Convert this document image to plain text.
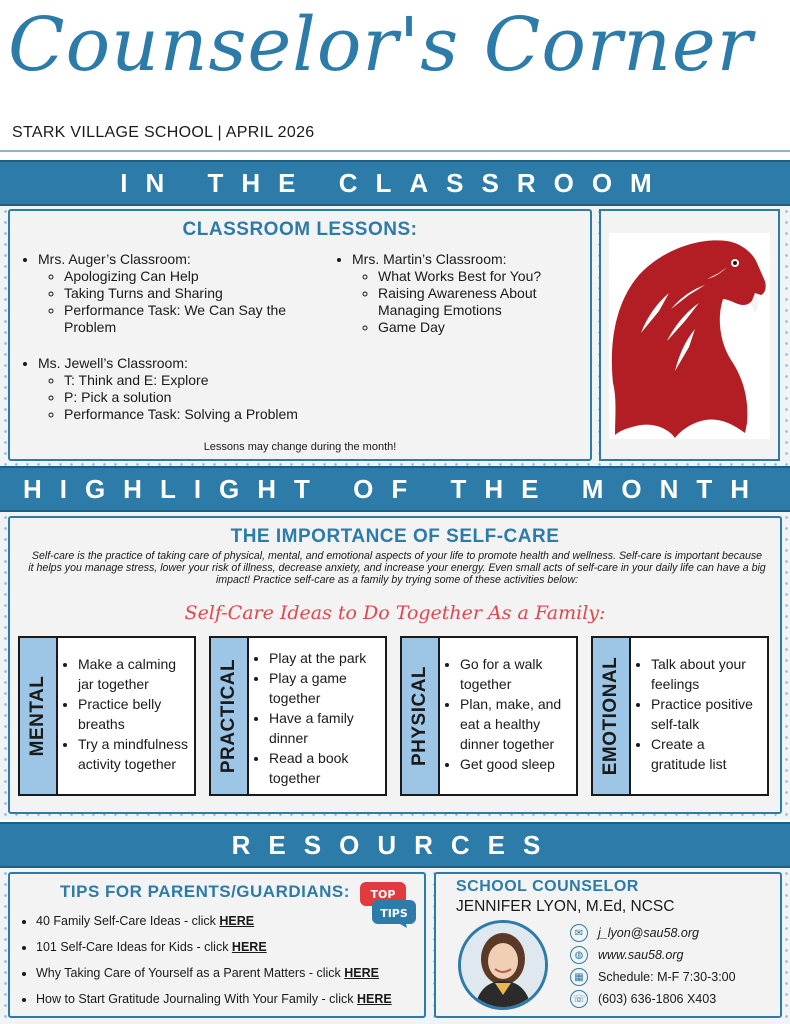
Counselor's Corner
STARK VILLAGE SCHOOL | APRIL 2026
IN THE CLASSROOM
CLASSROOM LESSONS:
• Mrs. Auger’s Classroom:
◦ Apologizing Can Help
◦ Taking Turns and Sharing
◦ Performance Task: We Can Say the Problem
• Ms. Jewell’s Classroom:
◦ T: Think and E: Explore
◦ P: Pick a solution
◦ Performance Task: Solving a Problem
• Mrs. Martin’s Classroom:
◦ What Works Best for You?
◦ Raising Awareness About Managing Emotions
◦ Game Day
Lessons may change during the month!
HIGHLIGHT OF THE MONTH
THE IMPORTANCE OF SELF-CARE
Self-care is the practice of taking care of physical, mental, and emotional aspects of your life to promote health and wellness. Self-care is important because it helps you manage stress, lower your risk of illness, decrease anxiety, and increase your energy. Even small acts of self-care in your daily life can have a big impact! Practice self-care as a family by trying some of these activities below:
Self-Care Ideas to Do Together As a Family:
MENTAL
• Make a calming jar together
• Practice belly breaths
• Try a mindfulness activity together	PRACTICAL
• Play at the park
• Play a game together
• Have a family dinner
• Read a book together
PHYSICAL
• Go for a walk together
• Plan, make, and eat a healthy dinner together
• Get good sleep	EMOTIONAL
• Talk about your feelings
• Practice positive self-talk
• Create a gratitude list
RESOURCES
TIPS FOR PARENTS/GUARDIANS: TOP
TIPS
• 40 Family Self-Care Ideas - click HERE
• 101 Self-Care Ideas for Kids - click HERE
• Why Taking Care of Yourself as a Parent Matters - click HERE
• How to Start Gratitude Journaling With Your Family - click HERE
SCHOOL COUNSELOR
JENNIFER LYON, M.Ed, NCSC
✉	j_lyon@sau58.org
◍	www.sau58.org
▦	Schedule: M-F 7:30-3:00
☏ (603) 636-1806 X403
